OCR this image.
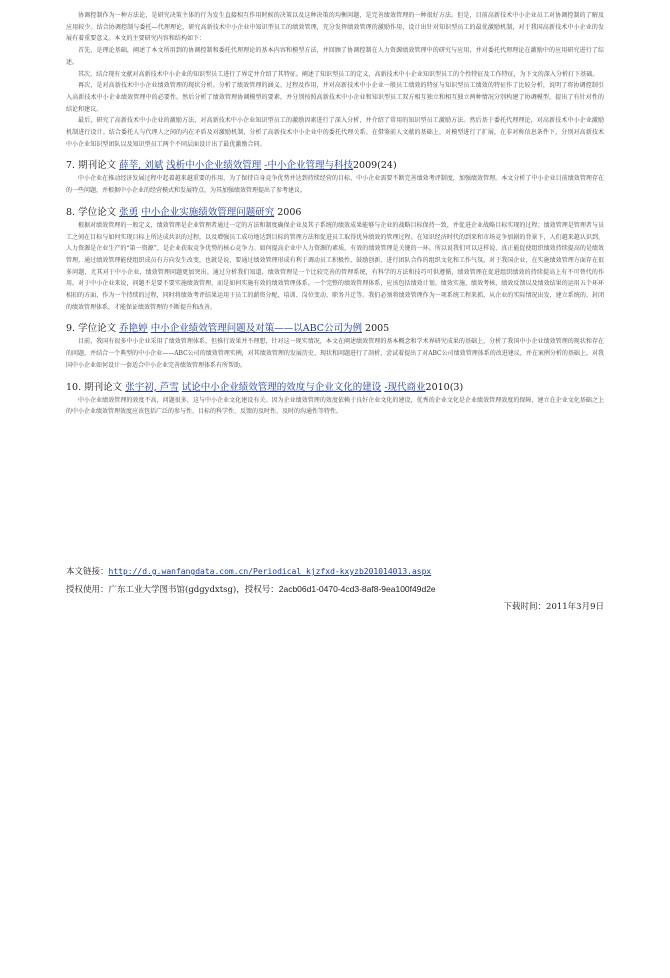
协调控制作为一种方法论，是研究决策主体的行为发生直接相互作用时候的决策以及这种决策的均衡问题，是完善绩效管理的一种很好方法。但是，目前高新技术中小企业员工对协调控制的了解及应用较少。结合协调控制与委托—代理理论，研究高新技术中小企业中知识型员工的绩效管理，充分发挥绩效管理的激励作用，设计出针对知识型员工的最优激励机制，对于我国高新技术中小企业的发展有着重要意义。本文的主要研究内容和结构如下：

首先，是理论基础，阐述了本文所用到的协调控制和委托代理理论的基本内容和模型方法，并回顾了协调控制在人力资源绩效管理中的研究与应用，并对委托代理理论在激励中的应用研究进行了综述。

其次，结合现有文献对高新技术中小企业的知识型员工进行了界定并介绍了其特征。阐述了知识型员工的定义，高新技术中小企业知识型员工的个性特征及工作特征，为下文的深入分析打下基础。

再次，是对高新技术中小企业绩效管理的现状分析。分析了绩效管理的涵义、过程及作用，并对高新技术中小企业一般员工绩效的特征与知识型员工绩效的特征作了比较分析，说明了将协调控制引入高新技术中小企业绩效管理中的必要性。然后分析了绩效管理协调模型的要素，并分别按照高新技术中小企业和知识型员工双方相互独立和相互独立两种情况分别构建了协调模型，提出了有针对性的结论和建议。

最后，研究了高新技术中小企业的激励方法，对高新技术中小企业知识型员工的激励因素进行了深入分析，并介绍了常用的知识型员工激励方法。然后基于委托代理理论，对高新技术中小企业激励机制进行设计。结合委托人与代理人之间的内在矛盾及对激励机制，分析了高新技术中小企业中的委托代理关系。在借鉴前人文献的基础上，对模型进行了扩展，在非对称信息条件下，分别对高新技术中小企业知识型团队以及知识型员工两个不同层面设计出了最优激励合同。

7. 期刊论文 薛莘, 刘斌 浅析中小企业绩效管理 -中小企业管理与科技2009(24)

中小企业在推动经济发展过程中起着越来越重要的作用，为了保持自身竞争优势并达到持续经营的目标，中小企业需要不断完善绩效考评制度，加强绩效管理。本文分析了中小企业目前绩效管理存在的一些问题，并根据中小企业的经营模式和发展特点，为其加强绩效管理提出了参考建议。

8. 学位论文 张勇 中小企业实施绩效管理问题研究 2006

根据对绩效管理的一般定义，绩效管理是企业管理者通过一定的方法和制度确保企业及其子系统的绩效成果能够与企业的战略目标保持一致，并促进企业战略目标实现的过程；绩效管理是管理者与员工之间在目标与如何实现目标上所达成共识的过程，以及增强员工成功地达到目标的管理方法和促进员工取得优异绩效的管理过程。在知识经济时代的到来和市场竞争加剧的背景下，人们越来越认识到，人力资源是企业生产的“第一资源”，是企业获取竞争优势的核心竞争力。如何提高企业中人力资源的素质，有效的绩效管理是关键的一环。所以说我们可以这样说，真正能促使组织绩效持续提高的是绩效管理，通过绩效管理能使组织成员有方向发生改变，也就是说，要通过绩效管理形成有利于调动员工积极性、鼓励创新、进行团队合作的组织文化和工作气氛。对于我国企业，在实施绩效管理方面存在很多问题，尤其对于中小企业，绩效管理问题更加突出。通过分析我们知道，绩效管理是一个比较完善的管理系统，有科学的方法和技巧可供遵循，绩效管理在促进组织绩效的持续提高上有不可替代的作用。对于中小企业来说，问题不是要不要实施绩效管理，而是如何实施有效的绩效管理体系。一个完整的绩效管理体系，应该包括绩效计划、绩效实施、绩效考核、绩效反馈以及绩效结果的运用五个环环相扣的方面，作为一个持续的过程，同时将绩效考评结果运用于员工的薪资分配、培训、岗位变动、职务升迁等。我们必须将绩效管理作为一项系统工程来抓，从企业的实际情况出发，建立系统的、封闭的绩效管理体系，才能保证绩效管理的不断提升和改善。

9. 学位论文 乔艳婷 中小企业绩效管理问题及对策——以ABC公司为例 2005

目前，我国有很多中小企业采用了绩效管理体系，但推行效果并不理想，针对这一现实情况，本文在阐述绩效管理的基本概念和学术界研究成果的基础上，分析了我国中小企业绩效管理的现状和存在的问题，并结合一个典型的中小企业——ABC公司的绩效管理实例，对其绩效管理的发展历史、现状和问题进行了剖析，尝试着提出了对ABC公司绩效管理体系的改进建议，并在案例分析的基础上，对我国中小企业如何设计一套适合中小企业完善绩效管理体系有所帮助。

10. 期刊论文 张宇初, 芦雪 试论中小企业绩效管理的效度与企业文化的建设 -现代商业2010(3)

中小企业绩效管理的效度不高，问题很多，这与中小企业文化建设有关。因为企业绩效管理的效度依赖于良好企业文化的建设，优秀的企业文化是企业绩效管理效度的保障，建立在企业文化基础之上的中小企业绩效管理效度应该包括广泛的参与性、目标的科学性、反馈的及时性、及时的沟通性等特性。

本文链接：http://d.g.wanfangdata.com.cn/Periodical_kjzfxd-kxyzb201014013.aspx
授权使用：广东工业大学图书馆(gdgydxtsg)，授权号：2acb06d1-0470-4cd3-8af8-9ea100f49d2e
下载时间：2011年3月9日
